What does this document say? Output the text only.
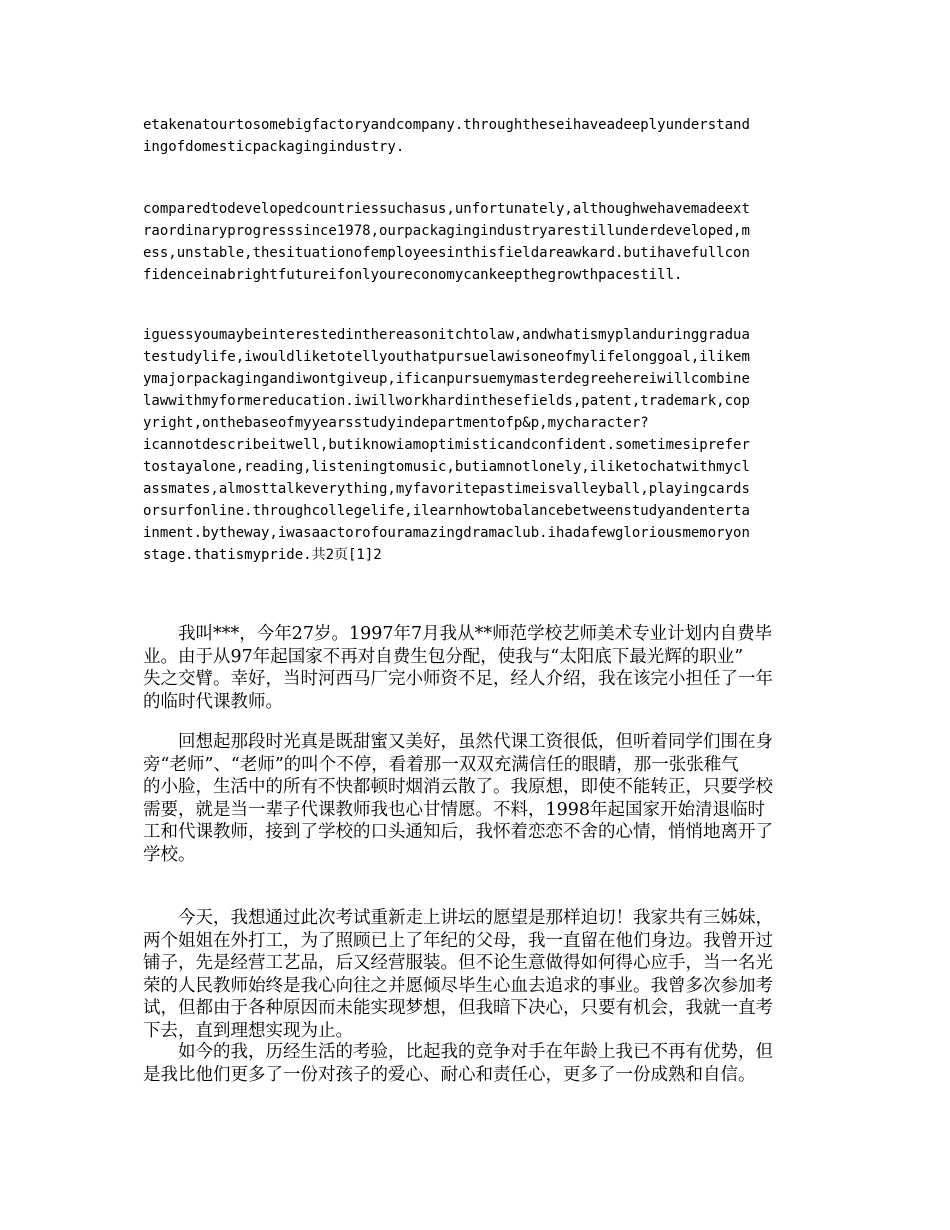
etakenatourtosomebigfactoryandcompany.throughtheseihaveadeeplyunderstand
ingofdomesticpackagingindustry.
comparedtodevelopedcountriessuchasus,unfortunately,althoughwehavemadeext
raordinaryprogresssince1978,ourpackagingindustryarestillunderdeveloped,m
ess,unstable,thesituationofemployeesinthisfieldareawkard.butihavefullcon
fidenceinabrightfutureifonlyoureconomycankeepthegrowthpacestill.
iguessyoumaybeinterestedinthereasonitchtolaw,andwhatismyplanduringgradua
testudylife,iwouldliketotellyouthatpursuelawisoneofmylifelonggoal,ilikem
ymajorpackagingandiwontgiveup,ificanpursuemymasterdegreehereiwillcombine
lawwithmyformereducation.iwillworkhardinthesefields,patent,trademark,cop
yright,onthebaseofmyyearsstudyindepartmentofp&p,mycharacter?
icannotdescribeitwell,butiknowiamoptimisticandconfident.sometimesiprefer
tostayalone,reading,listeningtomusic,butiamnotlonely,iliketochatwithmycl
assmates,almosttalkeverything,myfavoritepastimeisvalleyball,playingcards
orsurfonline.throughcollegelife,ilearnhowtobalancebetweenstudyandenterta
inment.bytheway,iwasaactorofouramazingdramaclub.ihadafewgloriousmemoryon
stage.thatismypride.共2页[1]2
　　我叫***，今年27岁。1997年7月我从**师范学校艺师美术专业计划内自费毕
业。由于从97年起国家不再对自费生包分配，使我与“太阳底下最光辉的职业”
失之交臂。幸好，当时河西马厂完小师资不足，经人介绍，我在该完小担任了一年
的临时代课教师。
　　回想起那段时光真是既甜蜜又美好，虽然代课工资很低，但听着同学们围在身
旁“老师”、“老师”的叫个不停，看着那一双双充满信任的眼睛，那一张张稚气
的小脸，生活中的所有不快都顿时烟消云散了。我原想，即使不能转正，只要学校
需要，就是当一辈子代课教师我也心甘情愿。不料，1998年起国家开始清退临时
工和代课教师，接到了学校的口头通知后，我怀着恋恋不舍的心情，悄悄地离开了
学校。
　　今天，我想通过此次考试重新走上讲坛的愿望是那样迫切！我家共有三姊妹，
两个姐姐在外打工，为了照顾已上了年纪的父母，我一直留在他们身边。我曾开过
铺子，先是经营工艺品，后又经营服装。但不论生意做得如何得心应手，当一名光
荣的人民教师始终是我心向往之并愿倾尽毕生心血去追求的事业。我曾多次参加考
试，但都由于各种原因而未能实现梦想，但我暗下决心，只要有机会，我就一直考
下去，直到理想实现为止。
　　如今的我，历经生活的考验，比起我的竞争对手在年龄上我已不再有优势，但
是我比他们更多了一份对孩子的爱心、耐心和责任心，更多了一份成熟和自信。
